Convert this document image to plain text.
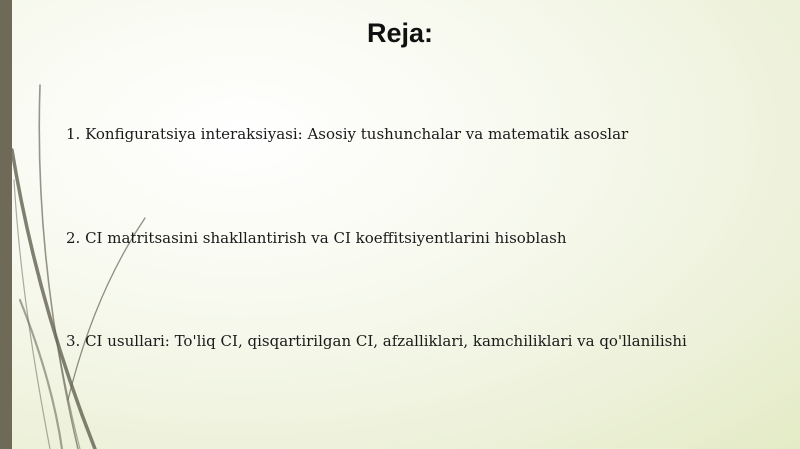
Reja:

1. Konfiguratsiya interaksiyasi: Asosiy tushunchalar va matematik asoslar

2. CI matritsasini shakllantirish va CI koeffitsiyentlarini hisoblash

3. CI usullari: To'liq CI, qisqartirilgan CI, afzalliklari, kamchiliklari va qo'llanilishi
